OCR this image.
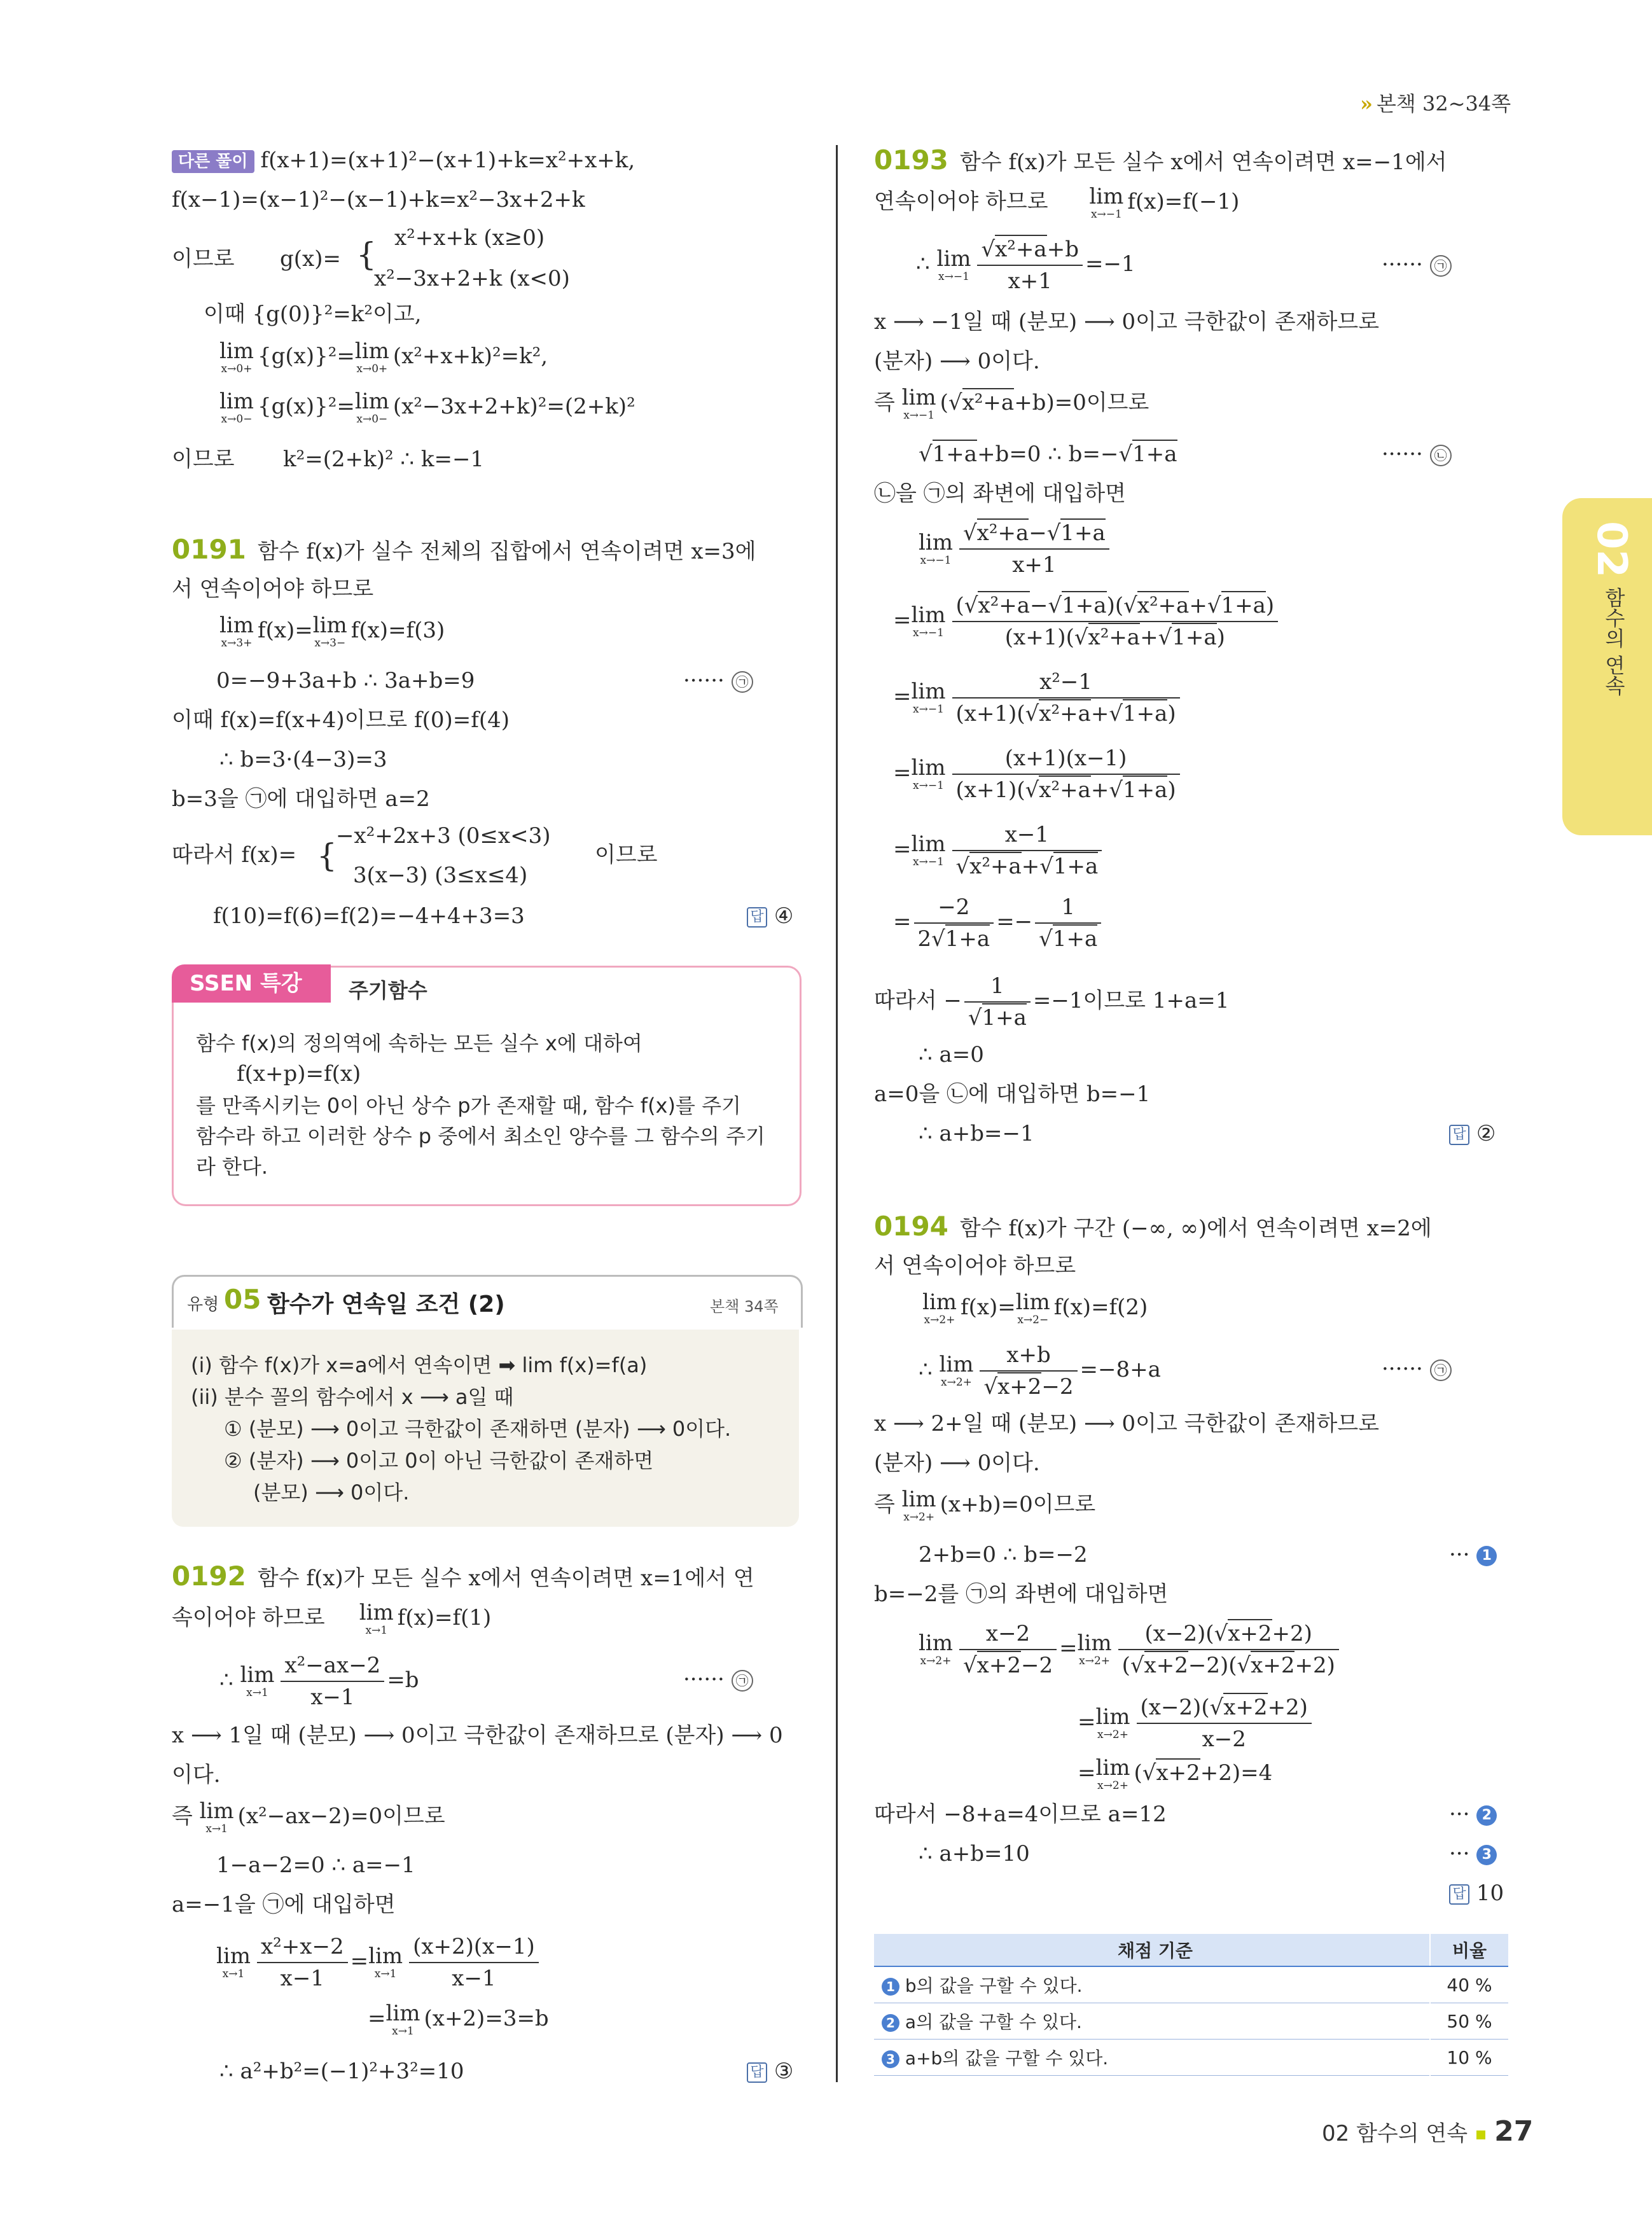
» 본책 32~34쪽
02
함수의 연속
다른 풀이 f(x+1)=(x+1)²−(x+1)+k=x²+x+k,
f(x−1)=(x−1)²−(x−1)+k=x²−3x+2+k
이므로 g(x)= { x²+x+k (x≥0)
x²−3x+2+k (x<0)
이때 {g(0)}²=k²이고,
lim
x→0+ {g(x)}²= lim
x→0+ (x²+x+k)²=k²,
lim
x→0− {g(x)}²= lim
x→0− (x²−3x+2+k)²=(2+k)²
이므로 k²=(2+k)² ∴ k=−1
0191 함수 f(x)가 실수 전체의 집합에서 연속이려면 x=3에
서 연속이어야 하므로
lim
x→3+ f(x)= lim
x→3− f(x)=f(3)
0=−9+3a+b ∴ 3a+b=9	······ ㉠
이때 f(x)=f(x+4)이므로 f(0)=f(4)
∴ b=3·(4−3)=3
b=3을 ㉠에 대입하면 a=2
따라서 f(x)= {
−x²+2x+3 (0≤x<3)
3(x−3) (3≤x≤4)
이므로
f(10)=f(6)=f(2)=−4+4+3=3	답 ④
SSEN 특강	주기함수
함수 f(x)의 정의역에 속하는 모든 실수 x에 대하여
f(x+p)=f(x)
를 만족시키는 0이 아닌 상수 p가 존재할 때, 함수 f(x)를 주기
함수라 하고 이러한 상수 p 중에서 최소인 양수를 그 함수의 주기
라 한다.
유형 05 함수가 연속일 조건 (2)	본책 34쪽
(i) 함수 f(x)가 x=a에서 연속이면 ➡ lim f(x)=f(a)
(ii) 분수 꼴의 함수에서 x ⟶ a일 때
① (분모) ⟶ 0이고 극한값이 존재하면 (분자) ⟶ 0이다.
② (분자) ⟶ 0이고 0이 아닌 극한값이 존재하면
(분모) ⟶ 0이다.
0192 함수 f(x)가 모든 실수 x에서 연속이려면 x=1에서 연
속이어야 하므로 lim
x→1 f(x)=f(1)
∴ lim
$x\to 1 \frac{\text{x²−ax−2}}{x-1} =b$	······ ㉠
x ⟶ 1일 때 (분모) ⟶ 0이고 극한값이 존재하므로 (분자) ⟶ 0
이다.
즉 lim
x→1 (x²−ax−2)=0이므로
1−a−2=0 ∴ a=−1
a=−1을 ㉠에 대입하면
lim
$x\to 1 \frac{\text{x²+x−2}}{x-1} = \lim$
$x\to 1 \frac{(x+2)(x-1)}{x-1}$
= lim
x→1 (x+2)=3=b
∴ a²+b²=(−1)²+3²=10	답 ③
0193 함수 f(x)가 모든 실수 x에서 연속이려면 x=−1에서
연속이어야 하므로 lim
x→−1 f(x)=f(−1)
∴ lim
$x\to-1 \frac{\text{√x²+a+b}}{x+1} =-1$	······ ㉠
x ⟶ −1일 때 (분모) ⟶ 0이고 극한값이 존재하므로
(분자) ⟶ 0이다.
즉 lim
x→−1 (√x²+a+b)=0이므로
√1+a+b=0 ∴ b=−√1+a	······ ㉡
㉡을 ㉠의 좌변에 대입하면
lim
$x\to-1 \frac{\text{√x²+a−√1+a}}{x+1}$
= lim
$x\to-1 \frac{\text{(√x²+a−√1+a)(√x²+a+√1+a)}}{\text{(x+1)(√x²+a+√1+a)}}$
= lim
$x\to-1 \frac{\text{x²−1}}{\text{(x+1)(√x²+a+√1+a)}}$
= lim
$x\to-1 \frac{(x+1)(x-1)}{\text{(x+1)(√x²+a+√1+a)}}$
= lim
$x\to-1 \frac{x-1}{\text{√x²+a+√1+a}}$
= $\frac{-2}{2√1+a} =- \frac{1}{√1+a}$
따라서 − $\frac{1}{√1+a} =-1$이므로 1+a=1
∴ a=0
a=0을 ㉡에 대입하면 b=−1
∴ a+b=−1	답 ②
0194 함수 f(x)가 구간 (−∞, ∞)에서 연속이려면 x=2에
서 연속이어야 하므로
lim
x→2+ f(x)= lim
x→2− f(x)=f(2)
∴ lim
$x\to 2+ \frac{x+b}{√x+2-2} =-8+a$	······ ㉠
x ⟶ 2+일 때 (분모) ⟶ 0이고 극한값이 존재하므로
(분자) ⟶ 0이다.
즉 lim
x→2+ (x+b)=0이므로
2+b=0 ∴ b=−2	··· 1
b=−2를 ㉠의 좌변에 대입하면
lim
$x\to 2+ \frac{x-2}{√x+2-2} = \lim$
$x\to 2+ \frac{(x-2)(√x+2+2)}{(√x+2-2)(√x+2+2)}$
= lim
$x\to 2+ \frac{(x-2)(√x+2+2)}{x-2}$
= lim
x→2+ (√x+2+2)=4
따라서 −8+a=4이므로 a=12	··· 2
∴ a+b=10	··· 3
답 10
채점 기준	비율
1 b의 값을 구할 수 있다.	40 %
2 a의 값을 구할 수 있다.	50 %
3 a+b의 값을 구할 수 있다.	10 %
02 함수의 연속 27
